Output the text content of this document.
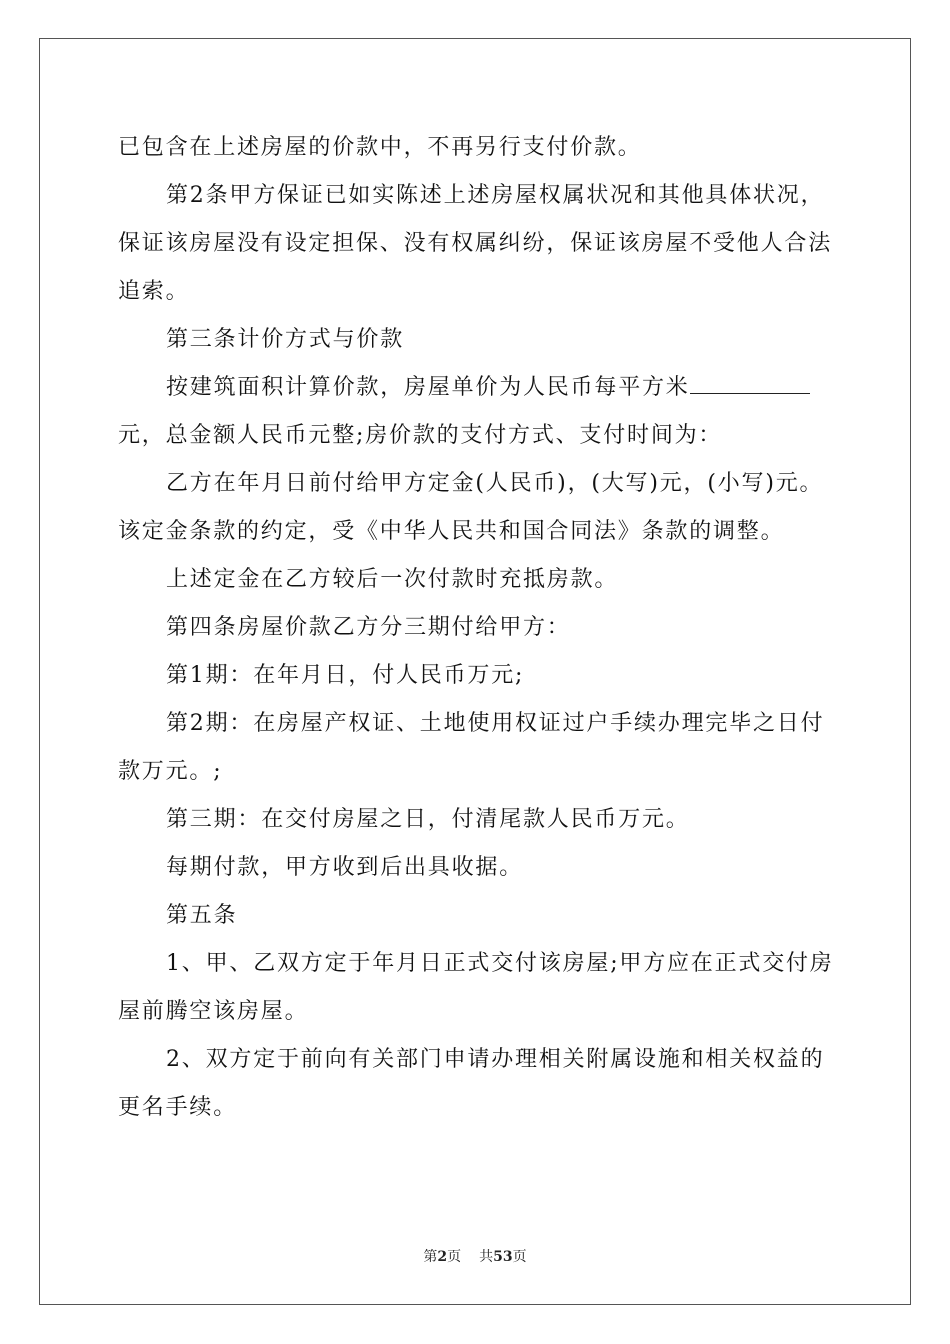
已包含在上述房屋的价款中，不再另行支付价款。

第2条甲方保证已如实陈述上述房屋权属状况和其他具体状况，保证该房屋没有设定担保、没有权属纠纷，保证该房屋不受他人合法追索。

第三条计价方式与价款

按建筑面积计算价款，房屋单价为人民币每平方米元，总金额人民币元整;房价款的支付方式、支付时间为：

乙方在年月日前付给甲方定金(人民币)，(大写)元，(小写)元。该定金条款的约定，受《中华人民共和国合同法》条款的调整。

上述定金在乙方较后一次付款时充抵房款。

第四条房屋价款乙方分三期付给甲方：

第1期：在年月日，付人民币万元;

第2期：在房屋产权证、土地使用权证过户手续办理完毕之日付款万元。;

第三期：在交付房屋之日，付清尾款人民币万元。

每期付款，甲方收到后出具收据。

第五条

1、甲、乙双方定于年月日正式交付该房屋;甲方应在正式交付房屋前腾空该房屋。

2、双方定于前向有关部门申请办理相关附属设施和相关权益的更名手续。

第2页 共53页
